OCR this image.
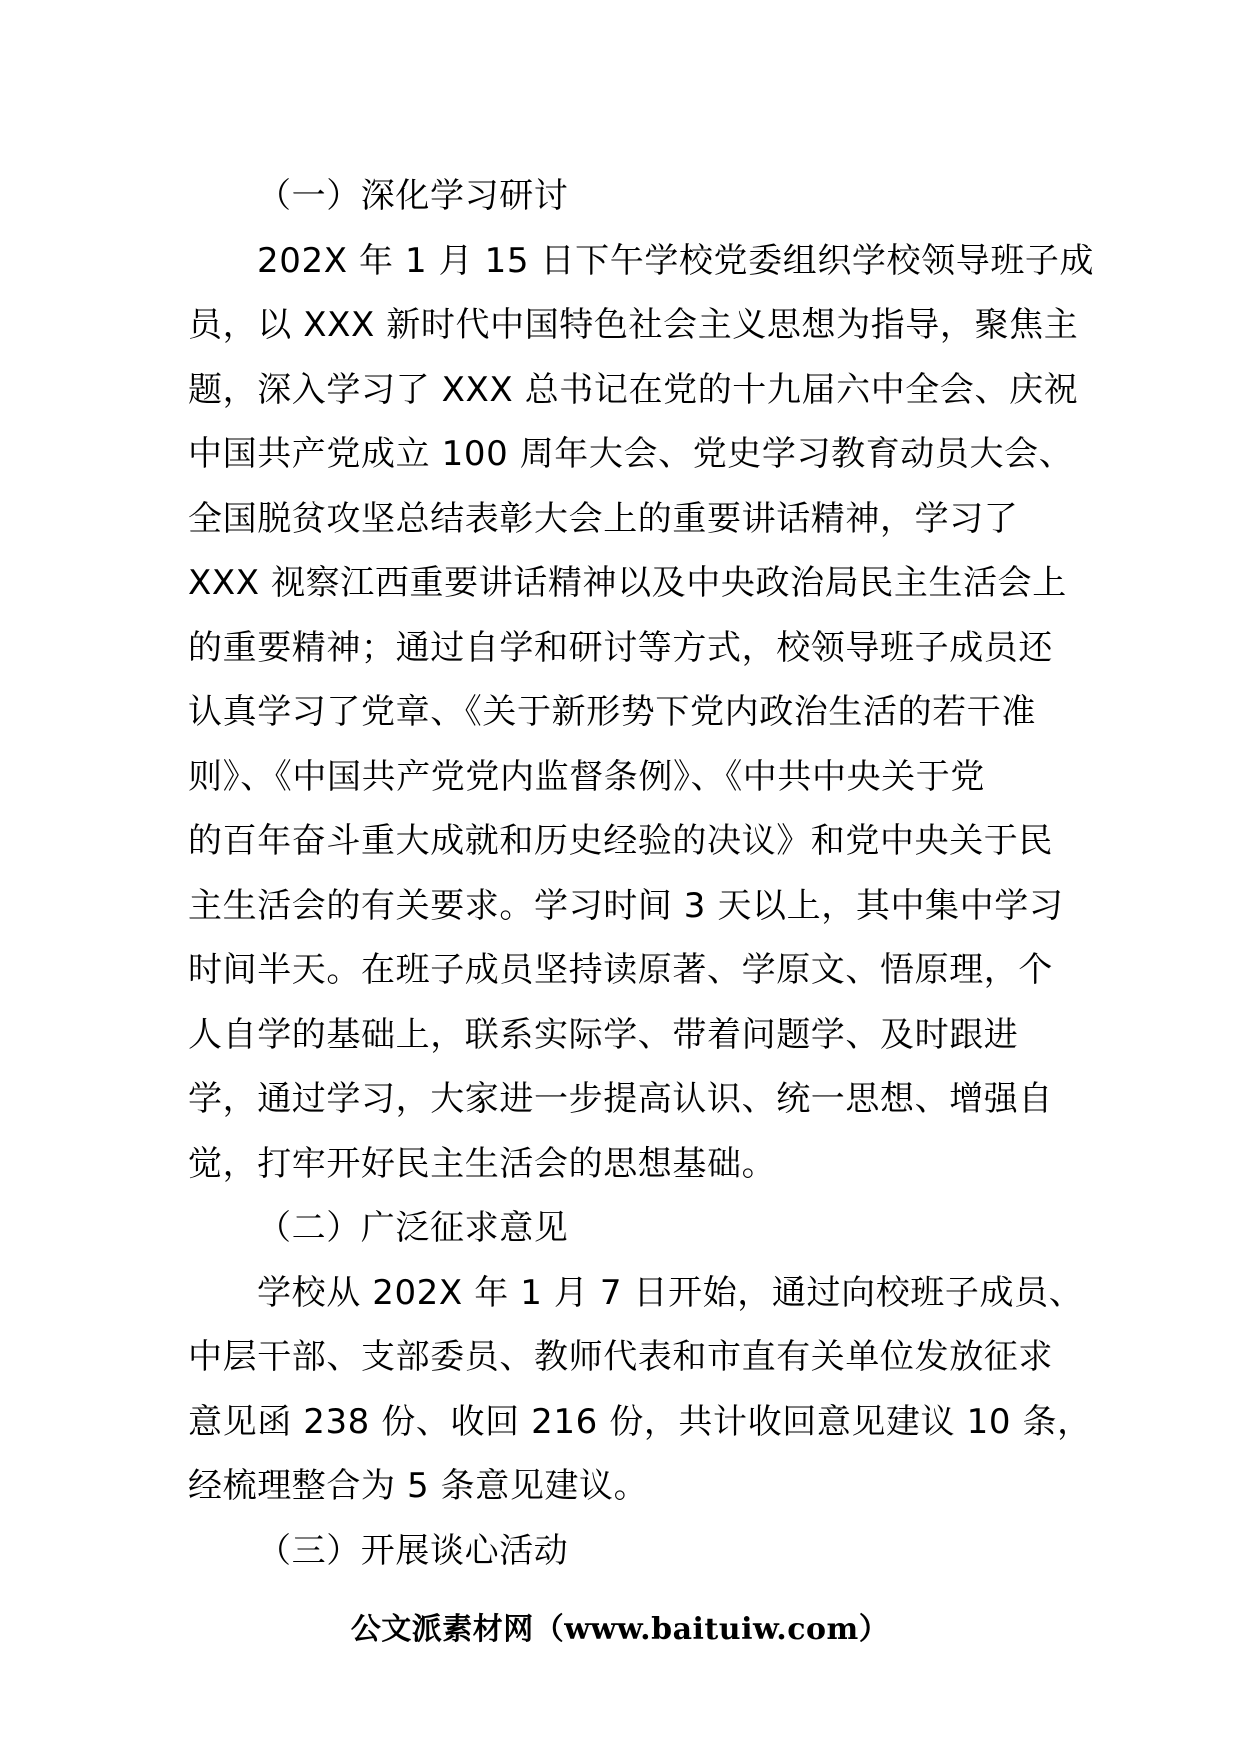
（一）深化学习研讨
202X 年 1 月 15 日下午学校党委组织学校领导班子成
员，以 XXX 新时代中国特色社会主义思想为指导，聚焦主
题，深入学习了 XXX 总书记在党的十九届六中全会、庆祝
中国共产党成立 100 周年大会、党史学习教育动员大会、
全国脱贫攻坚总结表彰大会上的重要讲话精神，学习了
XXX 视察江西重要讲话精神以及中央政治局民主生活会上
的重要精神；通过自学和研讨等方式，校领导班子成员还
认真学习了党章、《关于新形势下党内政治生活的若干准
则》、《中国共产党党内监督条例》、《中共中央关于党
的百年奋斗重大成就和历史经验的决议》和党中央关于民
主生活会的有关要求。学习时间 3 天以上，其中集中学习
时间半天。在班子成员坚持读原著、学原文、悟原理，个
人自学的基础上，联系实际学、带着问题学、及时跟进
学，通过学习，大家进一步提高认识、统一思想、增强自
觉，打牢开好民主生活会的思想基础。
（二）广泛征求意见
学校从 202X 年 1 月 7 日开始，通过向校班子成员、
中层干部、支部委员、教师代表和市直有关单位发放征求
意见函 238 份、收回 216 份，共计收回意见建议 10 条，
经梳理整合为 5 条意见建议。
（三）开展谈心活动
公文派素材网（www.baituiw.com）
